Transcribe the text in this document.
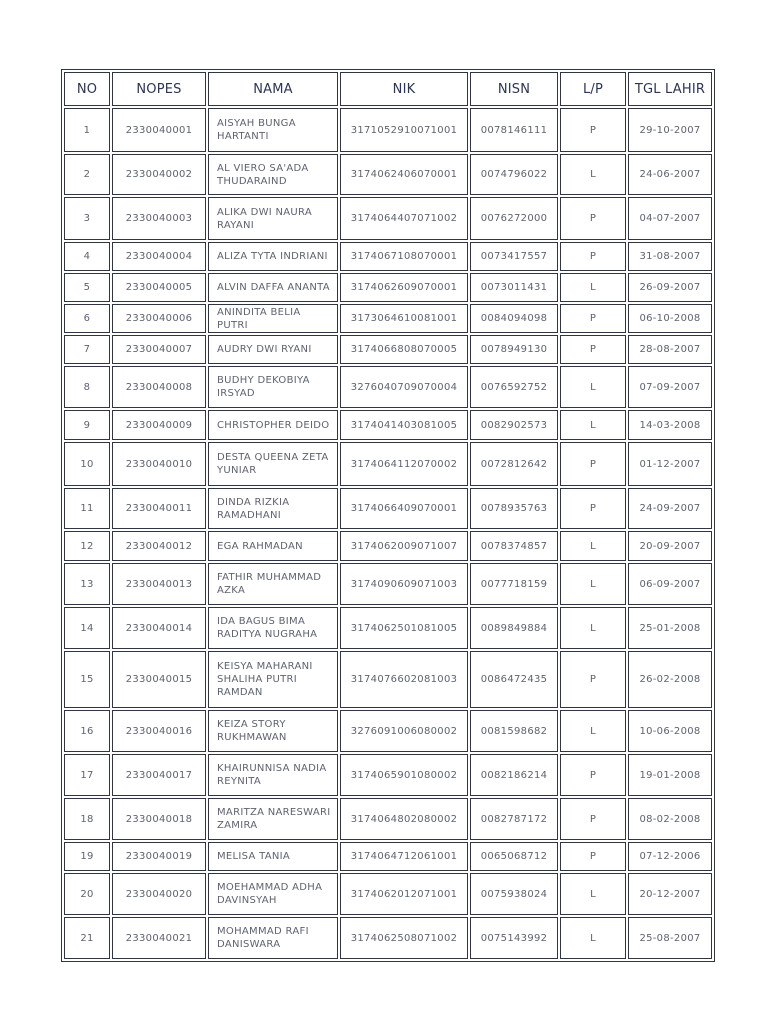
NO	NOPES	NAMA	NIK	NISN	L/P	TGL LAHIR
1	2330040001	AISYAH BUNGA HARTANTI	3171052910071001	0078146111	P	29-10-2007
2	2330040002	AL VIERO SA'ADA THUDARAIND	3174062406070001	0074796022	L	24-06-2007
3	2330040003	ALIKA DWI NAURA RAYANI	3174064407071002	0076272000	P	04-07-2007
4	2330040004	ALIZA TYTA INDRIANI	3174067108070001	0073417557	P	31-08-2007
5	2330040005	ALVIN DAFFA ANANTA	3174062609070001	0073011431	L	26-09-2007
6	2330040006	ANINDITA BELIA PUTRI	3173064610081001	0084094098	P	06-10-2008
7	2330040007	AUDRY DWI RYANI	3174066808070005	0078949130	P	28-08-2007
8	2330040008	BUDHY DEKOBIYA IRSYAD	3276040709070004	0076592752	L	07-09-2007
9	2330040009	CHRISTOPHER DEIDO	3174041403081005	0082902573	L	14-03-2008
10	2330040010	DESTA QUEENA ZETA YUNIAR	3174064112070002	0072812642	P	01-12-2007
11	2330040011	DINDA RIZKIA RAMADHANI	3174066409070001	0078935763	P	24-09-2007
12	2330040012	EGA RAHMADAN	3174062009071007	0078374857	L	20-09-2007
13	2330040013	FATHIR MUHAMMAD AZKA	3174090609071003	0077718159	L	06-09-2007
14	2330040014	IDA BAGUS BIMA RADITYA NUGRAHA	3174062501081005	0089849884	L	25-01-2008
15	2330040015	KEISYA MAHARANI SHALIHA PUTRI RAMDAN	3174076602081003	0086472435	P	26-02-2008
16	2330040016	KEIZA STORY RUKHMAWAN	3276091006080002	0081598682	L	10-06-2008
17	2330040017	KHAIRUNNISA NADIA REYNITA	3174065901080002	0082186214	P	19-01-2008
18	2330040018	MARITZA NARESWARI ZAMIRA	3174064802080002	0082787172	P	08-02-2008
19	2330040019	MELISA TANIA	3174064712061001	0065068712	P	07-12-2006
20	2330040020	MOEHAMMAD ADHA DAVINSYAH	3174062012071001	0075938024	L	20-12-2007
21	2330040021	MOHAMMAD RAFI DANISWARA	3174062508071002	0075143992	L	25-08-2007
